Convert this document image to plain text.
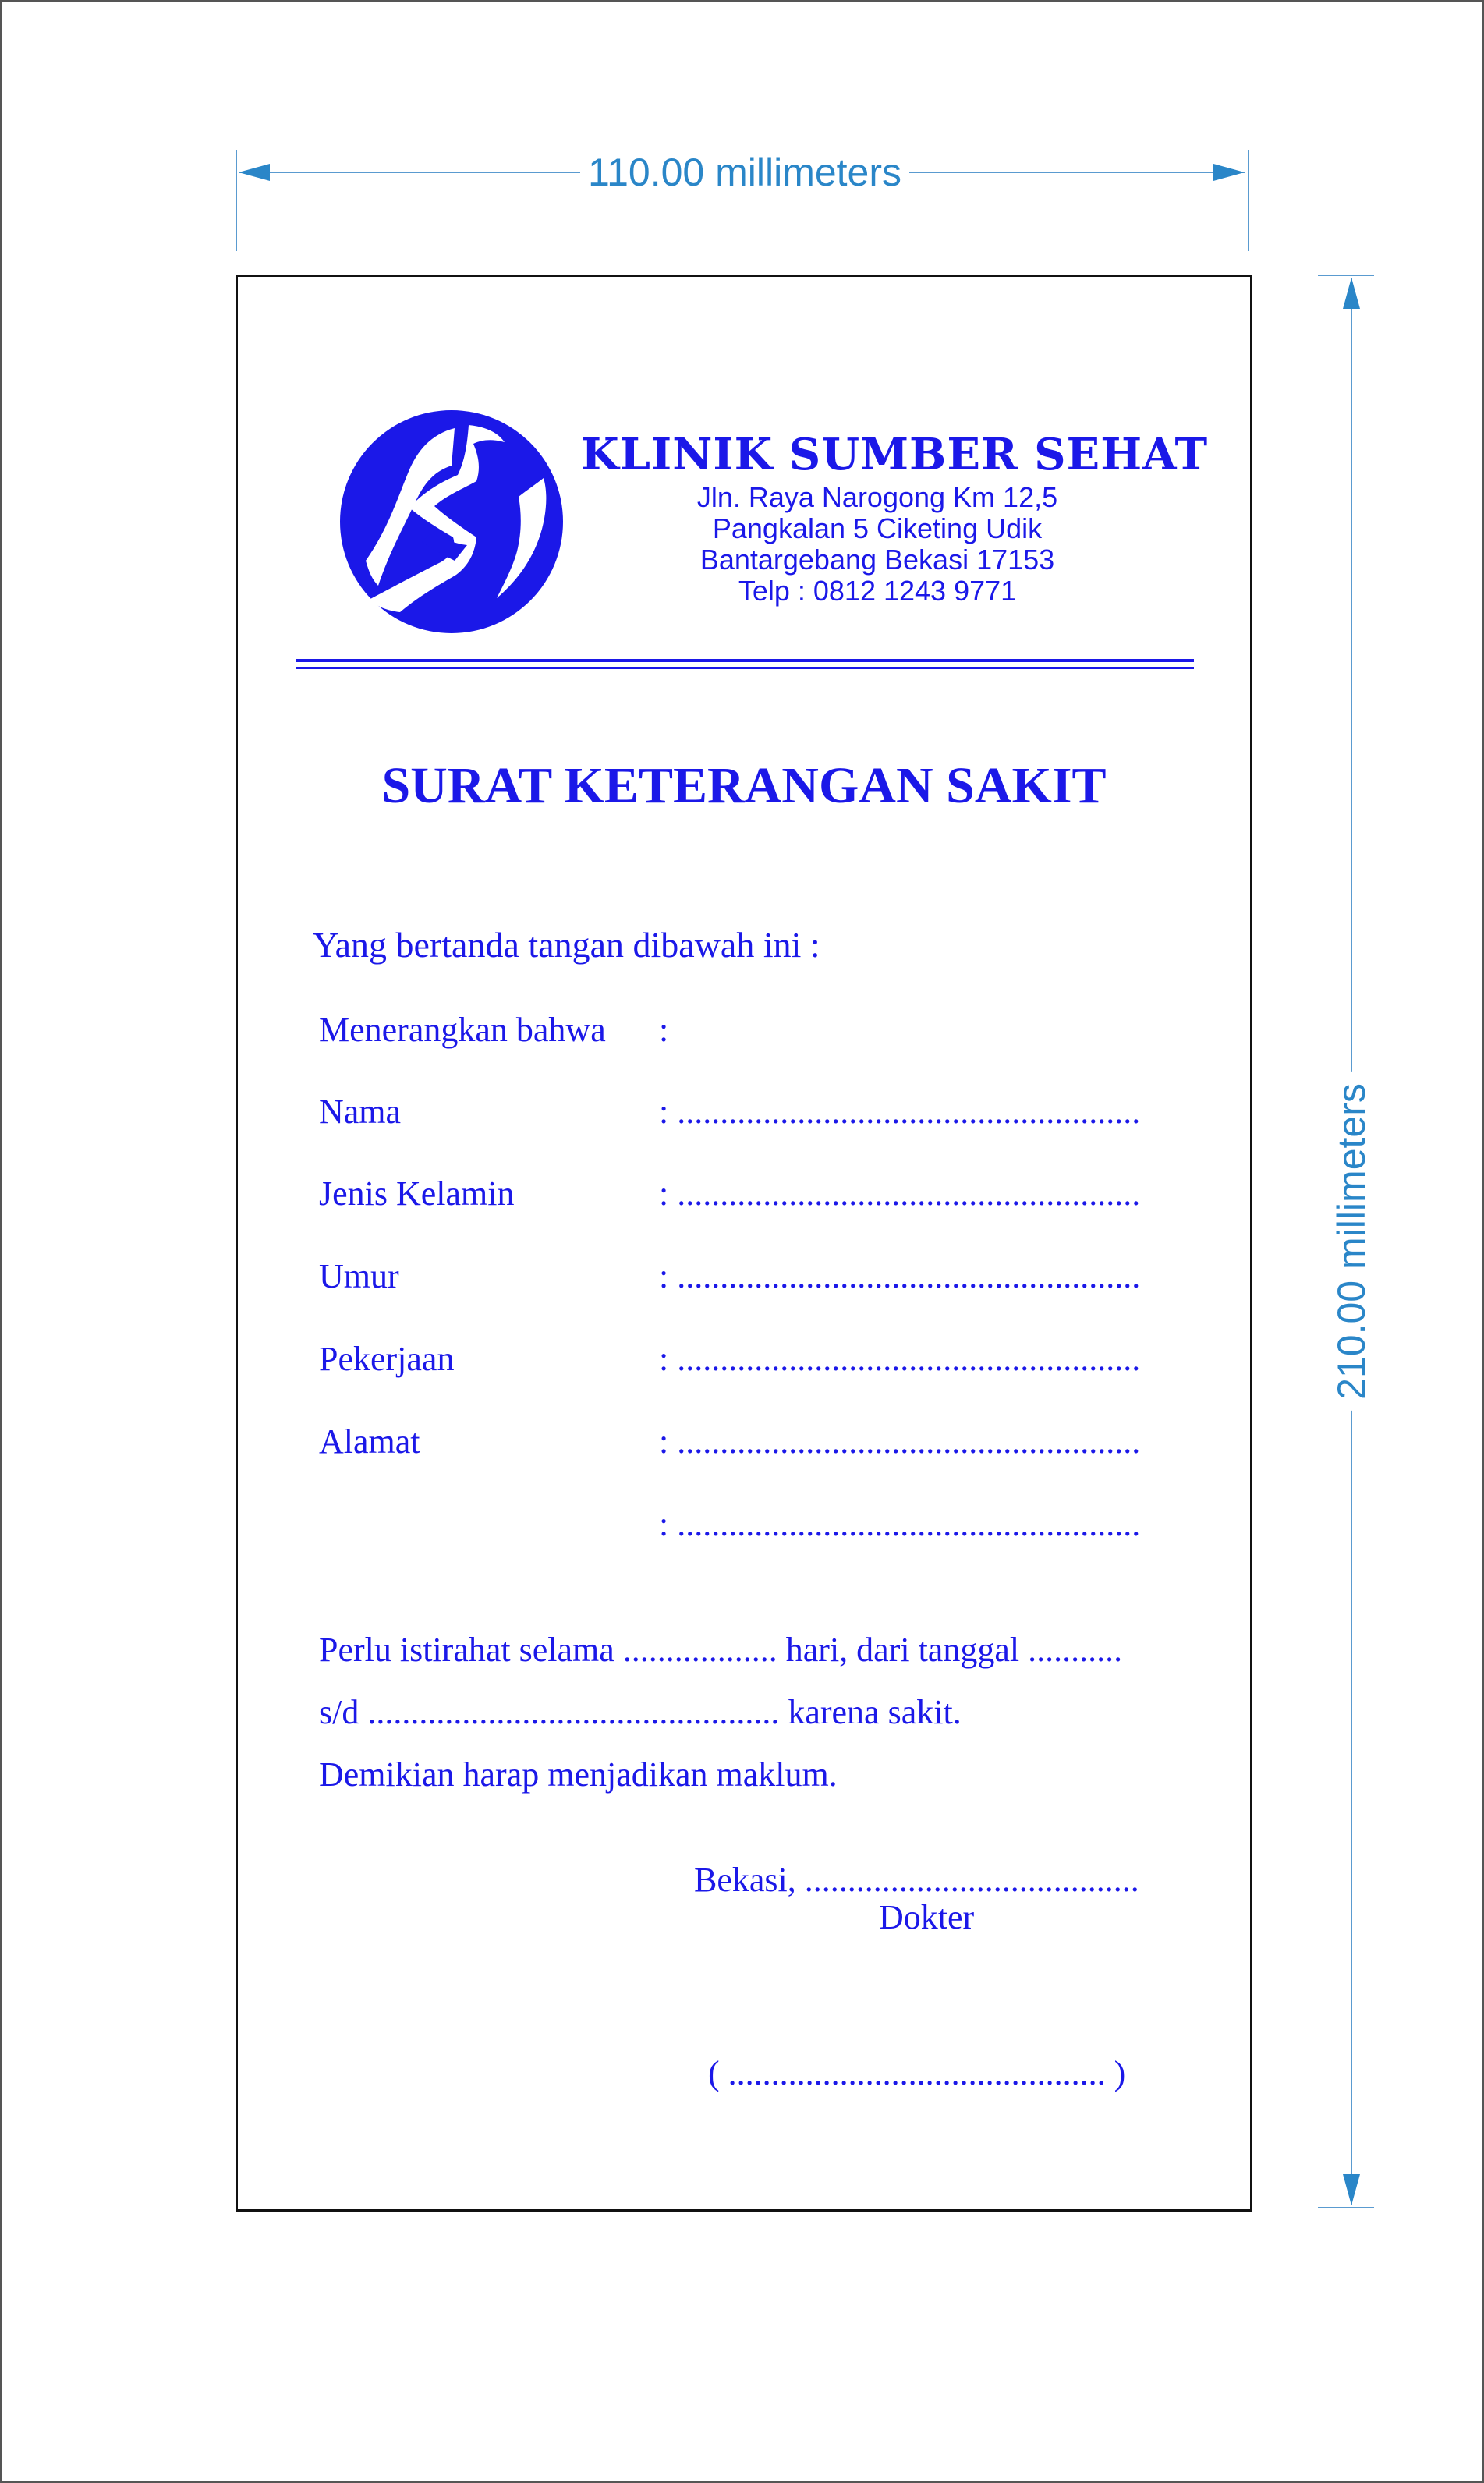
110.00 millimeters
210.00 millimeters
KLINIK SUMBER SEHAT
Jln. Raya Narogong Km 12,5
Pangkalan 5 Ciketing Udik
Bantargebang Bekasi 17153
Telp : 0812 1243 9771
SURAT KETERANGAN SAKIT
Yang bertanda tangan dibawah ini :
Menerangkan bahwa :
Nama	: ......................................................
Jenis Kelamin	: ......................................................
Umur	: ......................................................
Pekerjaan	: ......................................................
Alamat	: ......................................................
: ......................................................
Perlu istirahat selama .................. hari, dari tanggal ...........
s/d ................................................ karena sakit.
Demikian harap menjadikan maklum.
Bekasi, .......................................
Dokter
( ............................................ )
